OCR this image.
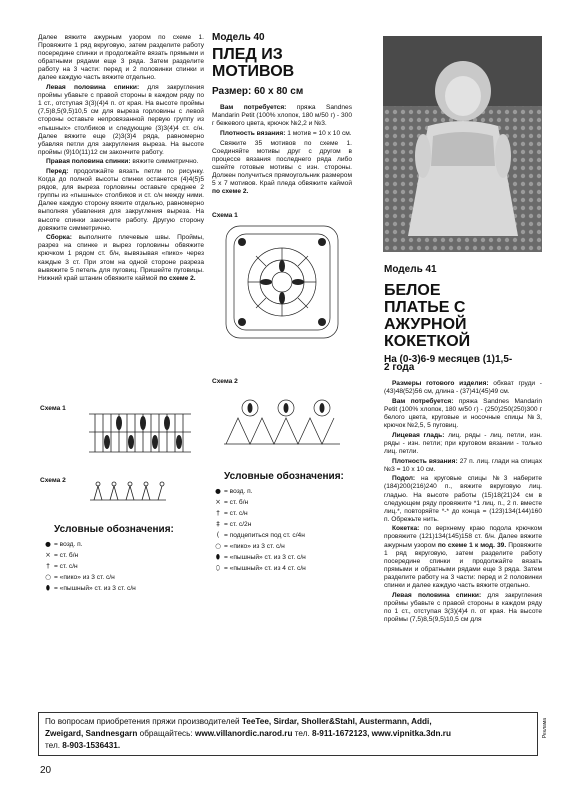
Далее вяжите ажурным узором по схеме 1. Провяжите 1 ряд вкруговую, затем разделите работу посередине спинки и продолжайте вязать прямыми и обратными рядами еще 3 ряда. Затем разделите работу на 3 части: перед и 2 половинки спинки и далее каждую часть вяжите отдельно.

Левая половина спинки: для закругления проймы убавьте с правой стороны в каждом ряду по 1 ст., отступая 3(3)(4)4 п. от края. На высоте проймы (7,5)8,5(9,5)10,5 см для выреза горловины с левой стороны оставьте непровязанной первую группу из «пышных» столбиков и следующие (3)3(4)4 ст. с/н. Далее вяжите еще (2)3(3)4 ряда, равномерно убавляя петли для закругления выреза. На высоте проймы (9)10(11)12 см закончите работу.

Правая половина спинки: вяжите симметрично.

Перед: продолжайте вязать петли по рисунку. Когда до полной высоты спинки останется (4)4(5)5 рядов, для выреза горловины оставьте среднее 2 группы из «пышных» столбиков и ст. с/н между ними. Далее каждую сторону вяжите отдельно, равномерно выполняя убавления для закругления выреза. На высоте спинки закончите работу. Другую сторону довяжите симметрично.

Сборка: выполните плечевые швы. Проймы, разрез на спинке и вырез горловины обвяжите крючком 1 рядом ст. б/н, вывязывая «пико» через каждые 3 ст. При этом на одной стороне разреза вывяжите 5 петель для пуговиц. Пришейте пуговицы. Нижний край штанин обвяжите каймой по схеме 2.

Схема 1
Схема 2
Условные обозначения:
● = возд. п.
× = ст. б/н
† = ст. с/н
○ = «пико» из 3 ст. с/н
⬮ = «пышный» ст. из 3 ст. с/н
Модель 40
ПЛЕД ИЗ МОТИВОВ
Размер: 60 х 80 см

Вам потребуется: пряжа Sandnes Mandarin Petit (100% хлопок, 180 м/50 г) - 300 г бежевого цвета, крючок №2,2 и №3.

Плотность вязания: 1 мотив = 10 х 10 см.

Свяжите 35 мотивов по схеме 1. Соединяйте мотивы друг с другом в процессе вязания последнего ряда либо сшейте готовые мотивы с изн. стороны. Должен получиться прямоугольник размером 5 х 7 мотивов. Край пледа обвяжите каймой по схеме 2.

Схема 1
Схема 2
Условные обозначения:
● = возд. п.
× = ст. б/н
† = ст. с/н
‡ = ст. с/2н
( = подцепиться под ст. с/4н
○ = «пико» из 3 ст. с/н
⬮ = «пышный» ст. из 3 ст. с/н
⬯ = «пышный» ст. из 4 ст. с/н
Модель 41
БЕЛОЕ ПЛАТЬЕ С АЖУРНОЙ КОКЕТКОЙ
На (0-3)6-9 месяцев (1)1,5-2 года

Размеры готового изделия: обхват груди - (43)48(52)56 см, длина - (37)41(45)49 см.

Вам потребуется: пряжа Sandnes Mandarin Petit (100% хлопок, 180 м/50 г) - (250)250(250)300 г белого цвета, круговые и носочные спицы №3, крючок №2,5, 5 пуговиц.

Лицевая гладь: лиц. ряды - лиц. петли, изн. ряды - изн. петли; при круговом вязании - только лиц. петли.

Плотность вязания: 27 п. лиц. глади на спицах №3 = 10 х 10 см.

Подол: на круговые спицы №3 наберите (184)200(216)240 п., вяжите вкруговую лиц. гладью. На высоте работы (15)18(21)24 см в следующем ряду провяжите *1 лиц. п., 2 п. вместе лиц.*, повторяйте *-* до конца = (123)134(144)160 п. Обрежьте нить.

Кокетка: по верхнему краю подола крючком провяжите (121)134(145)158 ст. б/н. Далее вяжите ажурным узором по схеме 1 к мод. 39. Провяжите 1 ряд вкруговую, затем разделите работу посередине спинки и продолжайте вязать прямыми и обратными рядами еще 3 ряда. Затем разделите работу на 3 части: перед и 2 половинки спинки и далее каждую часть вяжите отдельно.

Левая половина спинки: для закругления проймы убавьте с правой стороны в каждом ряду по 1 ст., отступая 3(3)(4)4 п. от края. На высоте проймы (7,5)8,5(9,5)10,5 см для

По вопросам приобретения пряжи производителей TeeTee, Sirdar, Sholler&Stahl, Austermann, Addi,
Zweigard, Sandnesgarn обращайтесь: www.villanordic.narod.ru тел. 8-911-1672123, www.vipnitka.3dn.ru
тел. 8-903-1536431.
Реклама
20
